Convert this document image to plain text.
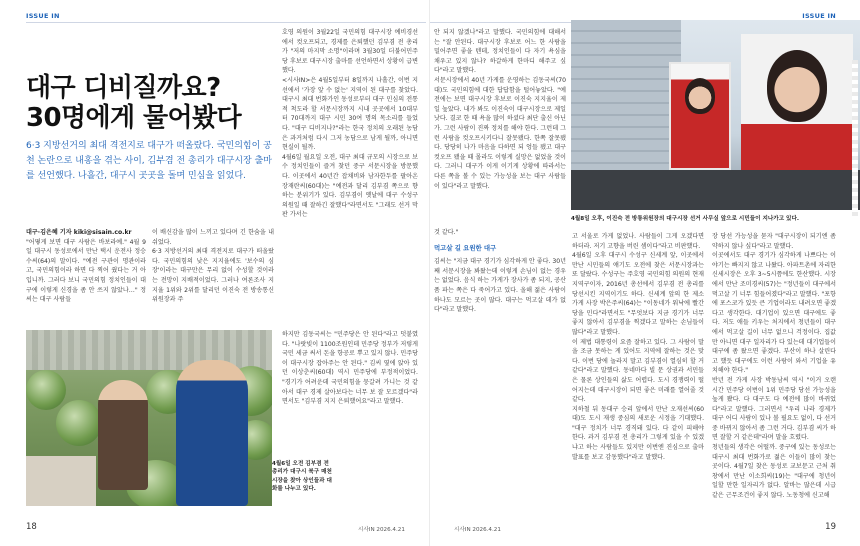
ISSUE IN
대구 디비질까요?
30명에게 물어봤다
6·3 지방선거의 최대 격전지로 대구가 떠올랐다. 국민의힘이 공천 논란으로 내홍을 겪는 사이, 김부겸 전 총리가 대구시장 출마를 선언했다. 나흘간, 대구시 곳곳을 돌며 민심을 읽었다.

대구·김은혜 기자 kiki@sisain.co.kr

"어떻게 보면 대구 사람은 바보라예." 4월 9일 대구시 동성로에서 만난 택시 운전사 정승수씨(64)의 말이다. "예전 구관이 명관이라고, 국민의힘이라 하면 다 찍어 줬다는 거 아입니까. 그러다 보니 국민의힘 정치인들이 대구에 이렇게 신경을 좀 안 쓰지 않았나…" 정씨는 대구 사람들

이 배신감을 많이 느끼고 있다며 긴 한숨을 내쉬었다.

6·3 지방선거의 최대 격전지로 대구가 떠올랐다. 국민의힘의 낮은 지지율에도 '보수의 심장'이라는 대구만은 무리 없이 수성할 것이라는 전망이 지배적이었다. 그러나 여론조사 지지율 1위와 2위를 달리던 이진숙 전 방송통신위원장과 주

호영 의원이 3월22일 국민의힘 대구시장 예비경선에서 컷오프되고, 경제를 은퇴했던 김부겸 전 총리가 "저의 마지막 소명"이라며 3월30일 더불어민주당 후보로 대구시장 출마를 선언하면서 상황이 급변했다.

<시사IN>은 4월5일부터 8일까지 나흘간, 이번 지선에서 '가장 앞 수 없는' 지역이 된 대구를 찾았다. 대구시 최대 번화가인 동성로부터 대구 민심의 전통적 척도라 할 서문시장까지 시내 곳곳에서 10대부터 70대까지 대구 시민 30여 명의 목소리를 들었다. "대구 디비지나?"라는 한국 정치의 오래된 농담은 과거처럼 다시 그저 농담으로 남게 될까, 아니면 현실이 될까.

4월6일 월요일 오전, 대구 최대 규모의 시장으로 보수 정치인들이 즐겨 찾던 중구 서문시장을 방문했다. 이곳에서 40년간 잡채비와 남자한두를 팔아온 장재란씨(60대)는 "예전과 달리 김부겸 쪽으로 향하는 분위기가 있다. 김부겸이 옛날에 대구 수성구 의원일 때 잘하긴 잘했다"라면서도 "그래도 선거 막판 가서는

4월6일 오전 김부겸 전 총리가 대구시 북구 매천시장을 찾아 상인들과 대화를 나누고 있다.

하지만 김동국씨는 "민주당은 안 된다"라고 덧붙였다. "나랏빚이 1100조원인데 민주당 정부가 저렇게 국민 세금 써서 돈을 항공로 뿌고 있지 않나. 민주당이 대구시장 잡아주는 안 된다." 김씨 옆에 앉아 있던 이상춘씨(60대) 역시 민주당에 부정적이었다. "경기가 어려운데 국민의힘을 뭉갈려 가니는 것 같아서 대구 경제 살아보다는 너무 보 잘 모르겠다"라면서도 "김부겸 지지 은퇴했어요"라고 말했다.

18	시사IN 2026.4.21
ISSUE IN

안 되지 않겠나"라고 말했다. 국민의힘에 대해서는 "잘 안된다. 대구시장 후보로 어느 한 사람을 밀어주면 좋을 텐데, 정치인들이 다 자기 욕심을 채우고 있지 않나? 하갈하게 한마디 해주고 싶다"라고 말했다.

서문시장에서 40년 가게를 운영하는 김동국씨(70대)도 국민의힘에 대한 답답함을 털어놓았다. "예전에는 보면 대구시장 후보로 이진숙 지지율이 제일 높았다. 내가 봐도 이진숙이 대구시장으로 제일 낫다. 결코 한 때 욕을 많이 하셨다 최단 출신 아닌가. 그런 사람이 진짜 정치를 해야 한다. 그런데 그런 사람을 컷오프시키다니 잘못됐다. 한쪽 잘못됐다. 당당히 나가 마음을 다하면 되 엉들 됐고 대구 컷오프 됐을 때 몰라도 이렇게 실망은 없었을 것이다. 그러니 대구가 이게 이기게 상황에 따라서는 다른 쪽을 볼 수 있는 가능성을 보는 대구 사람들이 있다"라고 말했다.

것 같다."

먹고살 길 요원한 대구

김씨는 "지금 대구 경기가 심각하게 안 좋다. 30년째 서문시장을 봐왔는데 이렇게 손님이 없는 경우는 없었다. 음식 하는 가게가 장사가 좀 되지, 공산품 파는 쪽은 다 죽어가고 있다. 올해 젊은 사람이 하나도 모르는 곳이 많다. 대구는 먹고살 데가 없다"라고 말했다.

4월8일 오후, 이진숙 전 방통위원장의 대구시장 선거 사무실 앞으로 시민들이 지나가고 있다.

고 서울로 가게 없었나. 사람들이 그게 오겠다면 하더라. 저기 고향을 버린 셈이다"라고 비판했다.

4월6일 오후 대구시 수성구 신세계 앞, 이곳에서 만난 시민들의 얘기도 오전에 찾은 서문시장과는 또 달랐다. 수성구는 주호영 국민의힘 의원의 현재 지역구이자, 2016년 총선에서 김부겸 전 총리를 당선시킨 지역이기도 하다. 신세계 앞의 한 제소 가게 사장 박은주씨(64)는 "이동네가 워낙에 빨간 당을 민다"라면서도 "무엇보다 지금 경기가 너무 좋지 않아서 김부겸을 찍겠다고 말하는 손님들이 많다"라고 말했다.

이 제법 대통령이 요즘 잘하고 있다. 그 사람이 말을 조금 못하는 게 있어도 지역에 잘하는 것은 맞다. 이번 당에 놀라지 말고 김부겸이 열심히 할 거 같다"라고 말했다. 동네마다 빌 문 상권과 서민들은 물론 상인들의 삶도 어렵다. 도시 경쟁력이 떨어지는데 대구시장이 되면 좋은 미래를 열어줄 것 같다.

지하철 뒤 동대구 승리 앞에서 만난 오재선씨(60대)도 도시 재생 중심의 새로운 시정을 기대했다. "대구 정치가 너무 경직돼 있다. 다 같이 피해야 한다. 과거 김부겸 전 총리가 그렇게 있을 수 있겠냐고 하는 사람들도 있지만 이번엔 진심으로 출마 발표를 보고 감동했다"라고 말했다.

장 당선 가능성을 묻자 "대구시장이 되기엔 좀 약하지 않나 싶다"라고 말했다.

이곳에서도 대구 경기가 심각하게 나쁘다는 이야기는 빠지지 않고 나왔다. 아파트촌에 자리한 신세시장은 오후 3~5시쯤에도 한산했다. 시장에서 만난 조미경씨(57)는 "정년들이 대구에서 먹고살 기 너무 힘들어졌다"라고 말했다. "포항에 포스코가 있듯 큰 기업이라도 내려오면 좋겠다고 생각한다. 대기업이 있으면 대구에도 좋다. 저도 애들 키우는 처지에서 청년들이 대구에서 먹고살 길이 너무 없으니 걱정이다. 집값만 아니면 대구 일자리가 다 있는데 대기업들이 대구에 좀 왔으면 좋겠다. 부산이 하나 살린다고 했듯 대구에도 이런 사람이 와서 기업을 유치해야 한다."

반년 전 가게 사장 박동남씨 역시 "이거 오랜 시간 민주당 이번이 1위 민주당 당선 가능성을 높게 봤다. 다 대구도 다 예전에 많이 바뀌었다"라고 말했다. 그러면서 "우리 나라 경제가 대구 어디 사람이 있나 볼 필요도 없이, 다 선거 중 바뀌지 않아서 좀 그런 거다. 김부겸 씨가 하면 잘할 거 같은데"라며 말을 흐렸다.

청년들의 생각은 어떨까. 중구에 있는 동성로는 대구시 최대 번화가로 젊은 이들이 많이 찾는 곳이다. 4월7일 찾은 동성로 교보문고 근처 취창에서 만난 이소희씨(19)는 "대구에 청년이 일할 만한 일자리가 없다. 알바는 많은데 시급 같은 근무조건이 좋지 않다. 노동청에 신고해

19
시사IN 2026.4.21
